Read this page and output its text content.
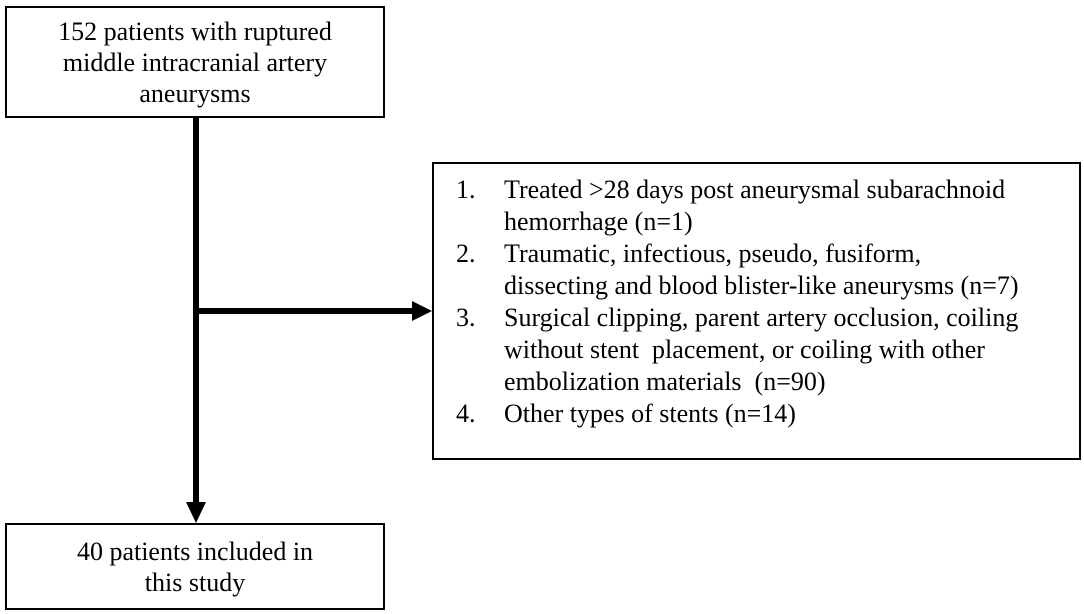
152 patients with ruptured
middle intracranial artery
aneurysms
1. Treated >28 days post aneurysmal subarachnoid
hemorrhage (n=1)
2. Traumatic, infectious, pseudo, fusiform,
dissecting and blood blister-like aneurysms (n=7)
3. Surgical clipping, parent artery occlusion, coiling
without stent  placement, or coiling with other
embolization materials  (n=90)
4. Other types of stents (n=14)
40 patients included in
this study
